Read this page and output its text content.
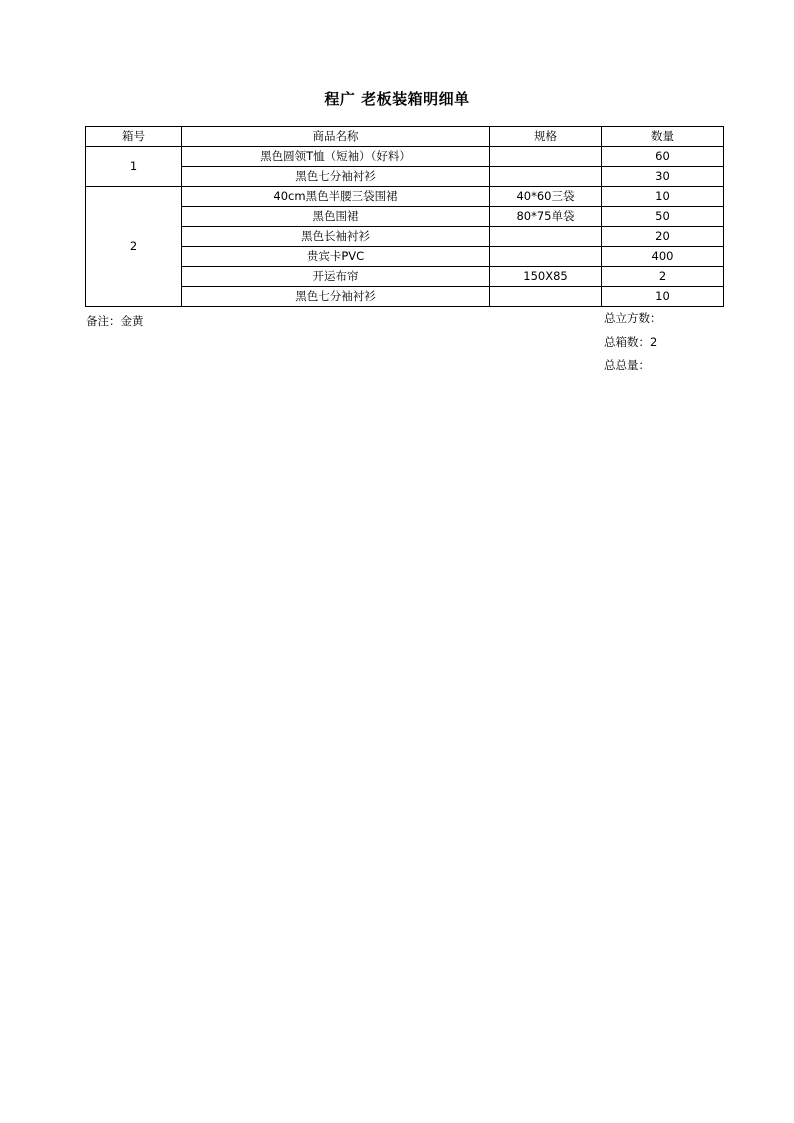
程广 老板装箱明细单
箱号	商品名称	规格	数量
1	黑色圆领T恤（短袖）（好料）		60
	黑色七分袖衬衫		30
2	40cm黑色半腰三袋围裙	40*60三袋	10
	黑色围裙	80*75单袋	50
	黑色长袖衬衫		20
	贵宾卡PVC		400
	开运布帘	150X85	2
	黑色七分袖衬衫		10
备注：金黄	总立方数：
总箱数：2
总总量：
